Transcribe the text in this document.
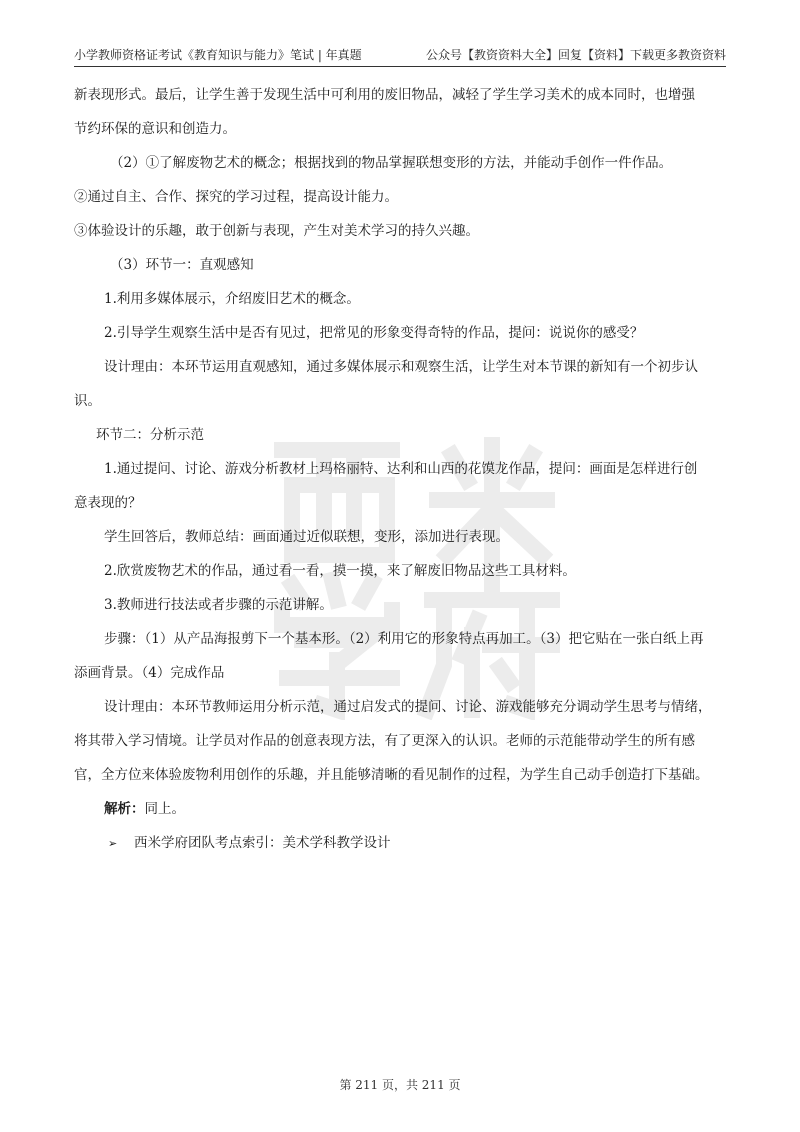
小学教师资格证考试《教育知识与能力》笔试 | 年真题	公众号【教资资料大全】回复【资料】下载更多教资资料

新表现形式。最后，让学生善于发现生活中可利用的废旧物品，减轻了学生学习美术的成本同时，也增强

节约环保的意识和创造力。

（2）①了解废物艺术的概念；根据找到的物品掌握联想变形的方法，并能动手创作一件作品。

②通过自主、合作、探究的学习过程，提高设计能力。

③体验设计的乐趣，敢于创新与表现，产生对美术学习的持久兴趣。

（3）环节一：直观感知

1.利用多媒体展示，介绍废旧艺术的概念。

2.引导学生观察生活中是否有见过，把常见的形象变得奇特的作品，提问：说说你的感受？

设计理由：本环节运用直观感知，通过多媒体展示和观察生活，让学生对本节课的新知有一个初步认

识。

环节二：分析示范

1.通过提问、讨论、游戏分析教材上玛格丽特、达利和山西的花馍龙作品，提问：画面是怎样进行创

意表现的？

学生回答后，教师总结：画面通过近似联想，变形，添加进行表现。

2.欣赏废物艺术的作品，通过看一看，摸一摸，来了解废旧物品这些工具材料。

3.教师进行技法或者步骤的示范讲解。

步骤：（1）从产品海报剪下一个基本形。（2）利用它的形象特点再加工。（3）把它贴在一张白纸上再

添画背景。（4）完成作品

设计理由：本环节教师运用分析示范，通过启发式的提问、讨论、游戏能够充分调动学生思考与情绪，

将其带入学习情境。让学员对作品的创意表现方法，有了更深入的认识。老师的示范能带动学生的所有感

官，全方位来体验废物利用创作的乐趣，并且能够清晰的看见制作的过程，为学生自己动手创造打下基础。

解析：同上。

➢ 西米学府团队考点索引：美术学科教学设计

第 211 页，共 211 页
